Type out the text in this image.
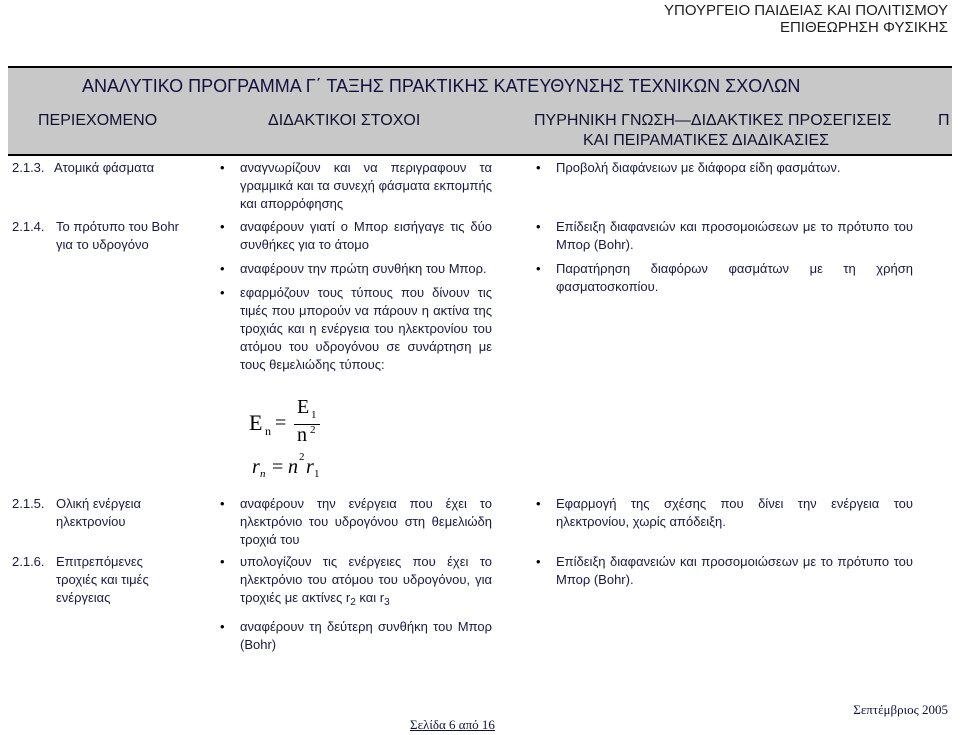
ΥΠΟΥΡΓΕΙΟ ΠΑΙΔΕΙΑΣ ΚΑΙ ΠΟΛΙΤΙΣΜΟΥ
ΕΠΙΘΕΩΡΗΣΗ ΦΥΣΙΚΗΣ
ΑΝΑΛΥΤΙΚΟ ΠΡΟΓΡΑΜΜΑ Γ΄ ΤΑΞΗΣ ΠΡΑΚΤΙΚΗΣ ΚΑΤΕΥΘΥΝΣΗΣ ΤΕΧΝΙΚΩΝ ΣΧΟΛΩΝ
ΠΕΡΙΕΧΟΜΕΝΟ	ΔΙΔΑΚΤΙΚΟΙ ΣΤΟΧΟΙ	ΠΥΡΗΝΙΚΗ ΓΝΩΣΗ—ΔΙΔΑΚΤΙΚΕΣ ΠΡΟΣΕΓΙΣΕΙΣ
ΚΑΙ ΠΕΙΡΑΜΑΤΙΚΕΣ ΔΙΑΔΙΚΑΣΙΕΣ
Π
2.1.3. Ατομικά φάσματα
•	αναγνωρίζουν και να περιγραφουν τα γραμμικά και τα συνεχή φάσματα εκπομπής και απορρόφησης
• Προβολή διαφάνειων με διάφορα είδη φασμάτων.
2.1.4. Το πρότυπο του Bohr για το υδρογόνο
• αναφέρουν γιατί ο Μπορ εισήγαγε τις δύο συνθήκες για το άτομο
• αναφέρουν την πρώτη συνθήκη του Μπορ.
• εφαρμόζουν τους τύπους που δίνουν τις τιμές που μπορούν να πάρουν η ακτίνα της τροχιάς και η ενέργεια του ηλεκτρονίου του ατόμου του υδρογόνου σε συνάρτηση με τους θεμελιώδης τύπους:
• Επίδειξη διαφανειών και προσομοιώσεων με το πρότυπο του Μπορ (Bohr).
• Παρατήρηση διαφόρων φασμάτων με τη χρήση φασματοσκοπίου.
E n =
E 1
n 2
r n = n 2 r 1
2.1.5. Ολική ενέργεια ηλεκτρονίου
• αναφέρουν την ενέργεια που έχει το ηλεκτρόνιο του υδρογόνου στη θεμελιώδη τροχιά του
• Εφαρμογή της σχέσης που δίνει την ενέργεια του ηλεκτρονίου, χωρίς απόδειξη.
2.1.6. Επιτρεπόμενες τροχιές και τιμές ενέργειας
• υπολογίζουν τις ενέργειες που έχει το ηλεκτρόνιο του ατόμου του υδρογόνου, για τροχιές με ακτίνες $r_2$ και $r_3$
• αναφέρουν τη δεύτερη συνθήκη του Μπορ (Bohr)
• Επίδειξη διαφανειών και προσομοιώσεων με το πρότυπο του Μπορ (Bohr).
Σελίδα 6 από 16
Σεπτέμβριος 2005
